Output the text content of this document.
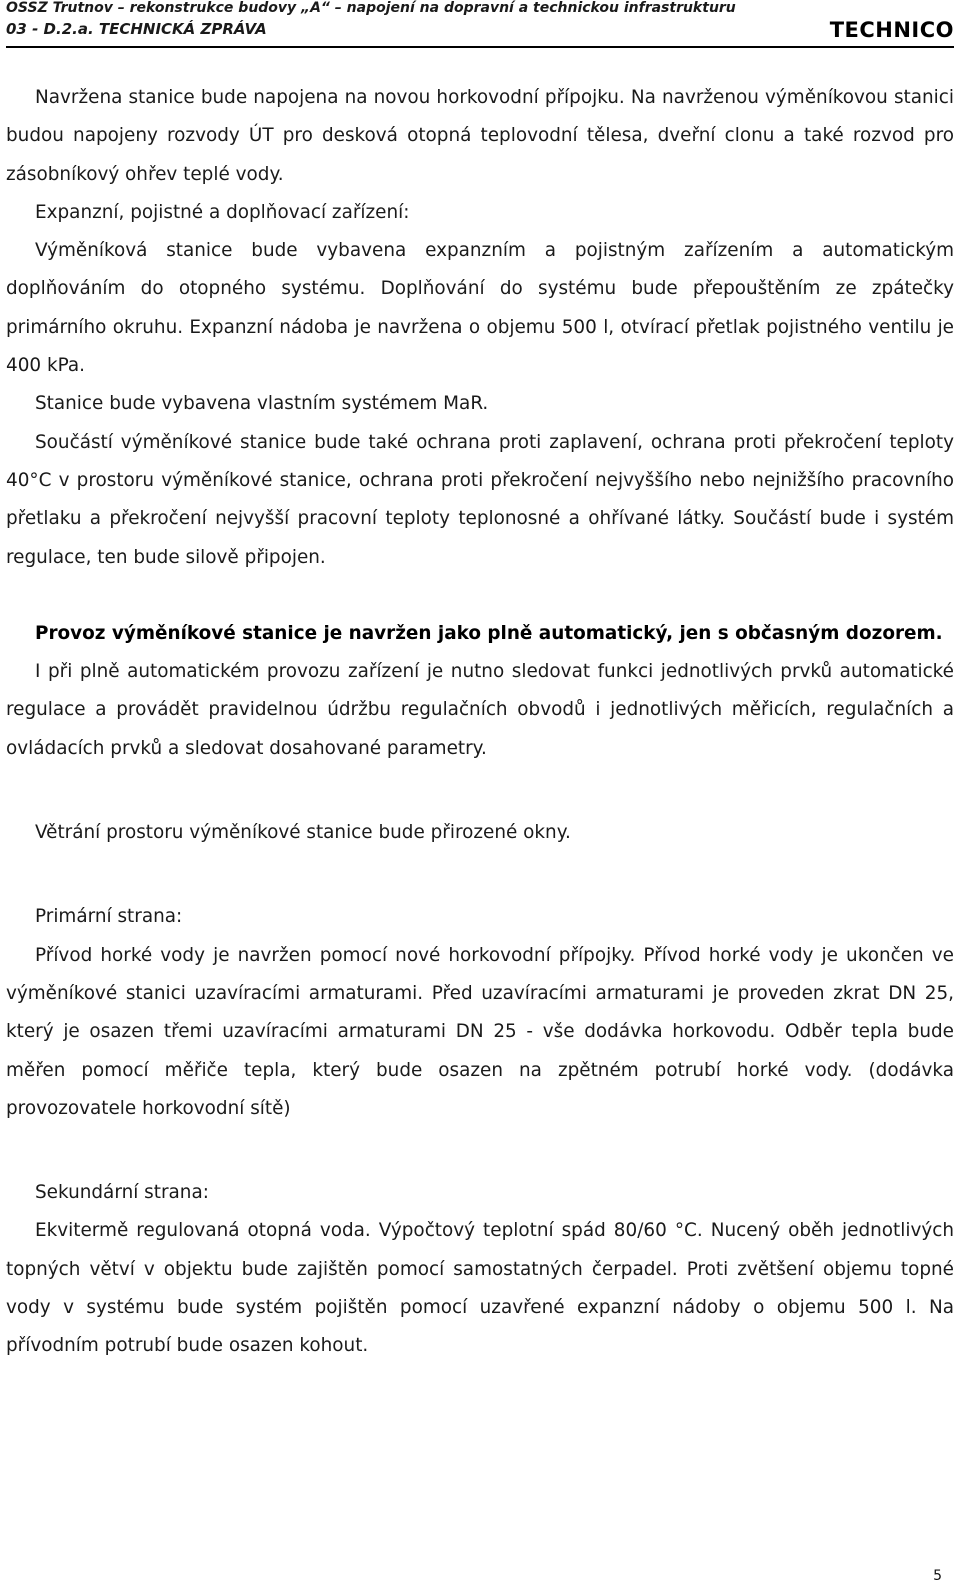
OSSZ Trutnov – rekonstrukce budovy „A“ – napojení na dopravní a technickou infrastrukturu
03 - D.2.a. TECHNICKÁ ZPRÁVA	TECHNICO

Navržena stanice bude napojena na novou horkovodní přípojku. Na navrženou výměníkovou stanici budou napojeny rozvody ÚT pro desková otopná teplovodní tělesa, dveřní clonu a také rozvod pro zásobníkový ohřev teplé vody.

Expanzní, pojistné a doplňovací zařízení:

Výměníková stanice bude vybavena expanzním a pojistným zařízením a automatickým doplňováním do otopného systému. Doplňování do systému bude přepouštěním ze zpátečky primárního okruhu. Expanzní nádoba je navržena o objemu 500 l, otvírací přetlak pojistného ventilu je 400 kPa.

Stanice bude vybavena vlastním systémem MaR.

Součástí výměníkové stanice bude také ochrana proti zaplavení, ochrana proti překročení teploty 40°C v prostoru výměníkové stanice, ochrana proti překročení nejvyššího nebo nejnižšího pracovního přetlaku a překročení nejvyšší pracovní teploty teplonosné a ohřívané látky. Součástí bude i systém regulace, ten bude silově připojen.

Provoz výměníkové stanice je navržen jako plně automatický, jen s občasným dozorem.

I při plně automatickém provozu zařízení je nutno sledovat funkci jednotlivých prvků automatické regulace a provádět pravidelnou údržbu regulačních obvodů i jednotlivých měřicích, regulačních a ovládacích prvků a sledovat dosahované parametry.

Větrání prostoru výměníkové stanice bude přirozené okny.

Primární strana:

Přívod horké vody je navržen pomocí nové horkovodní přípojky. Přívod horké vody je ukončen ve výměníkové stanici uzavíracími armaturami. Před uzavíracími armaturami je proveden zkrat DN 25, který je osazen třemi uzavíracími armaturami DN 25 - vše dodávka horkovodu. Odběr tepla bude měřen pomocí měřiče tepla, který bude osazen na zpětném potrubí horké vody. (dodávka provozovatele horkovodní sítě)

Sekundární strana:

Ekvitermě regulovaná otopná voda. Výpočtový teplotní spád 80/60 °C. Nucený oběh jednotlivých topných větví v objektu bude zajištěn pomocí samostatných čerpadel. Proti zvětšení objemu topné vody v systému bude systém pojištěn pomocí uzavřené expanzní nádoby o objemu 500 l. Na přívodním potrubí bude osazen kohout.

5
